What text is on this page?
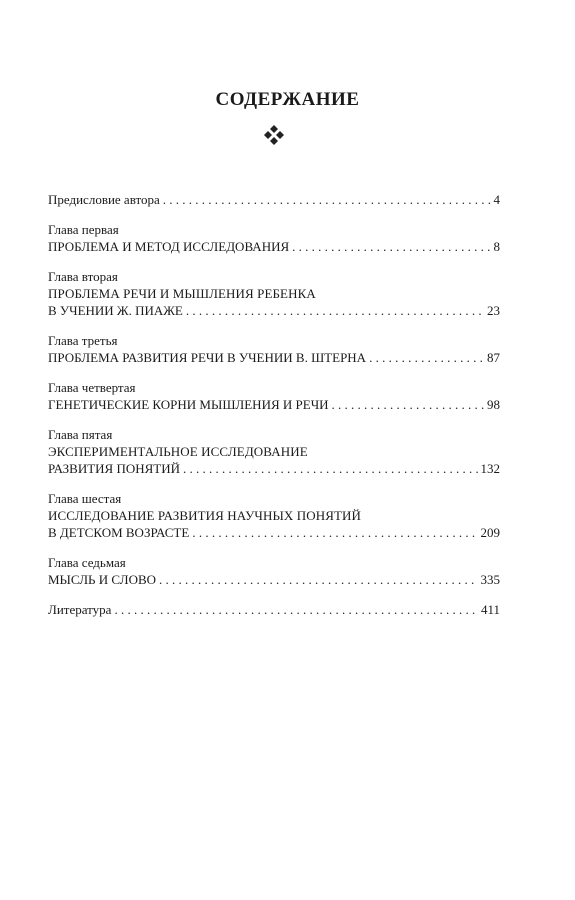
СОДЕРЖАНИЕ
Предисловие автора . . .	4
Глава первая
ПРОБЛЕМА И МЕТОД ИССЛЕДОВАНИЯ . . .	8
Глава вторая
ПРОБЛЕМА РЕЧИ И МЫШЛЕНИЯ РЕБЕНКА
В УЧЕНИИ Ж. ПИАЖЕ . . .	23
Глава третья
ПРОБЛЕМА РАЗВИТИЯ РЕЧИ В УЧЕНИИ В. ШТЕРНА . . .	87
Глава четвертая
ГЕНЕТИЧЕСКИЕ КОРНИ МЫШЛЕНИЯ И РЕЧИ . . .	98
Глава пятая
ЭКСПЕРИМЕНТАЛЬНОЕ ИССЛЕДОВАНИЕ
РАЗВИТИЯ ПОНЯТИЙ . . .	132
Глава шестая
ИССЛЕДОВАНИЕ РАЗВИТИЯ НАУЧНЫХ ПОНЯТИЙ
В ДЕТСКОМ ВОЗРАСТЕ . . .	209
Глава седьмая
МЫСЛЬ И СЛОВО . . .	335
Литература . . .	411
